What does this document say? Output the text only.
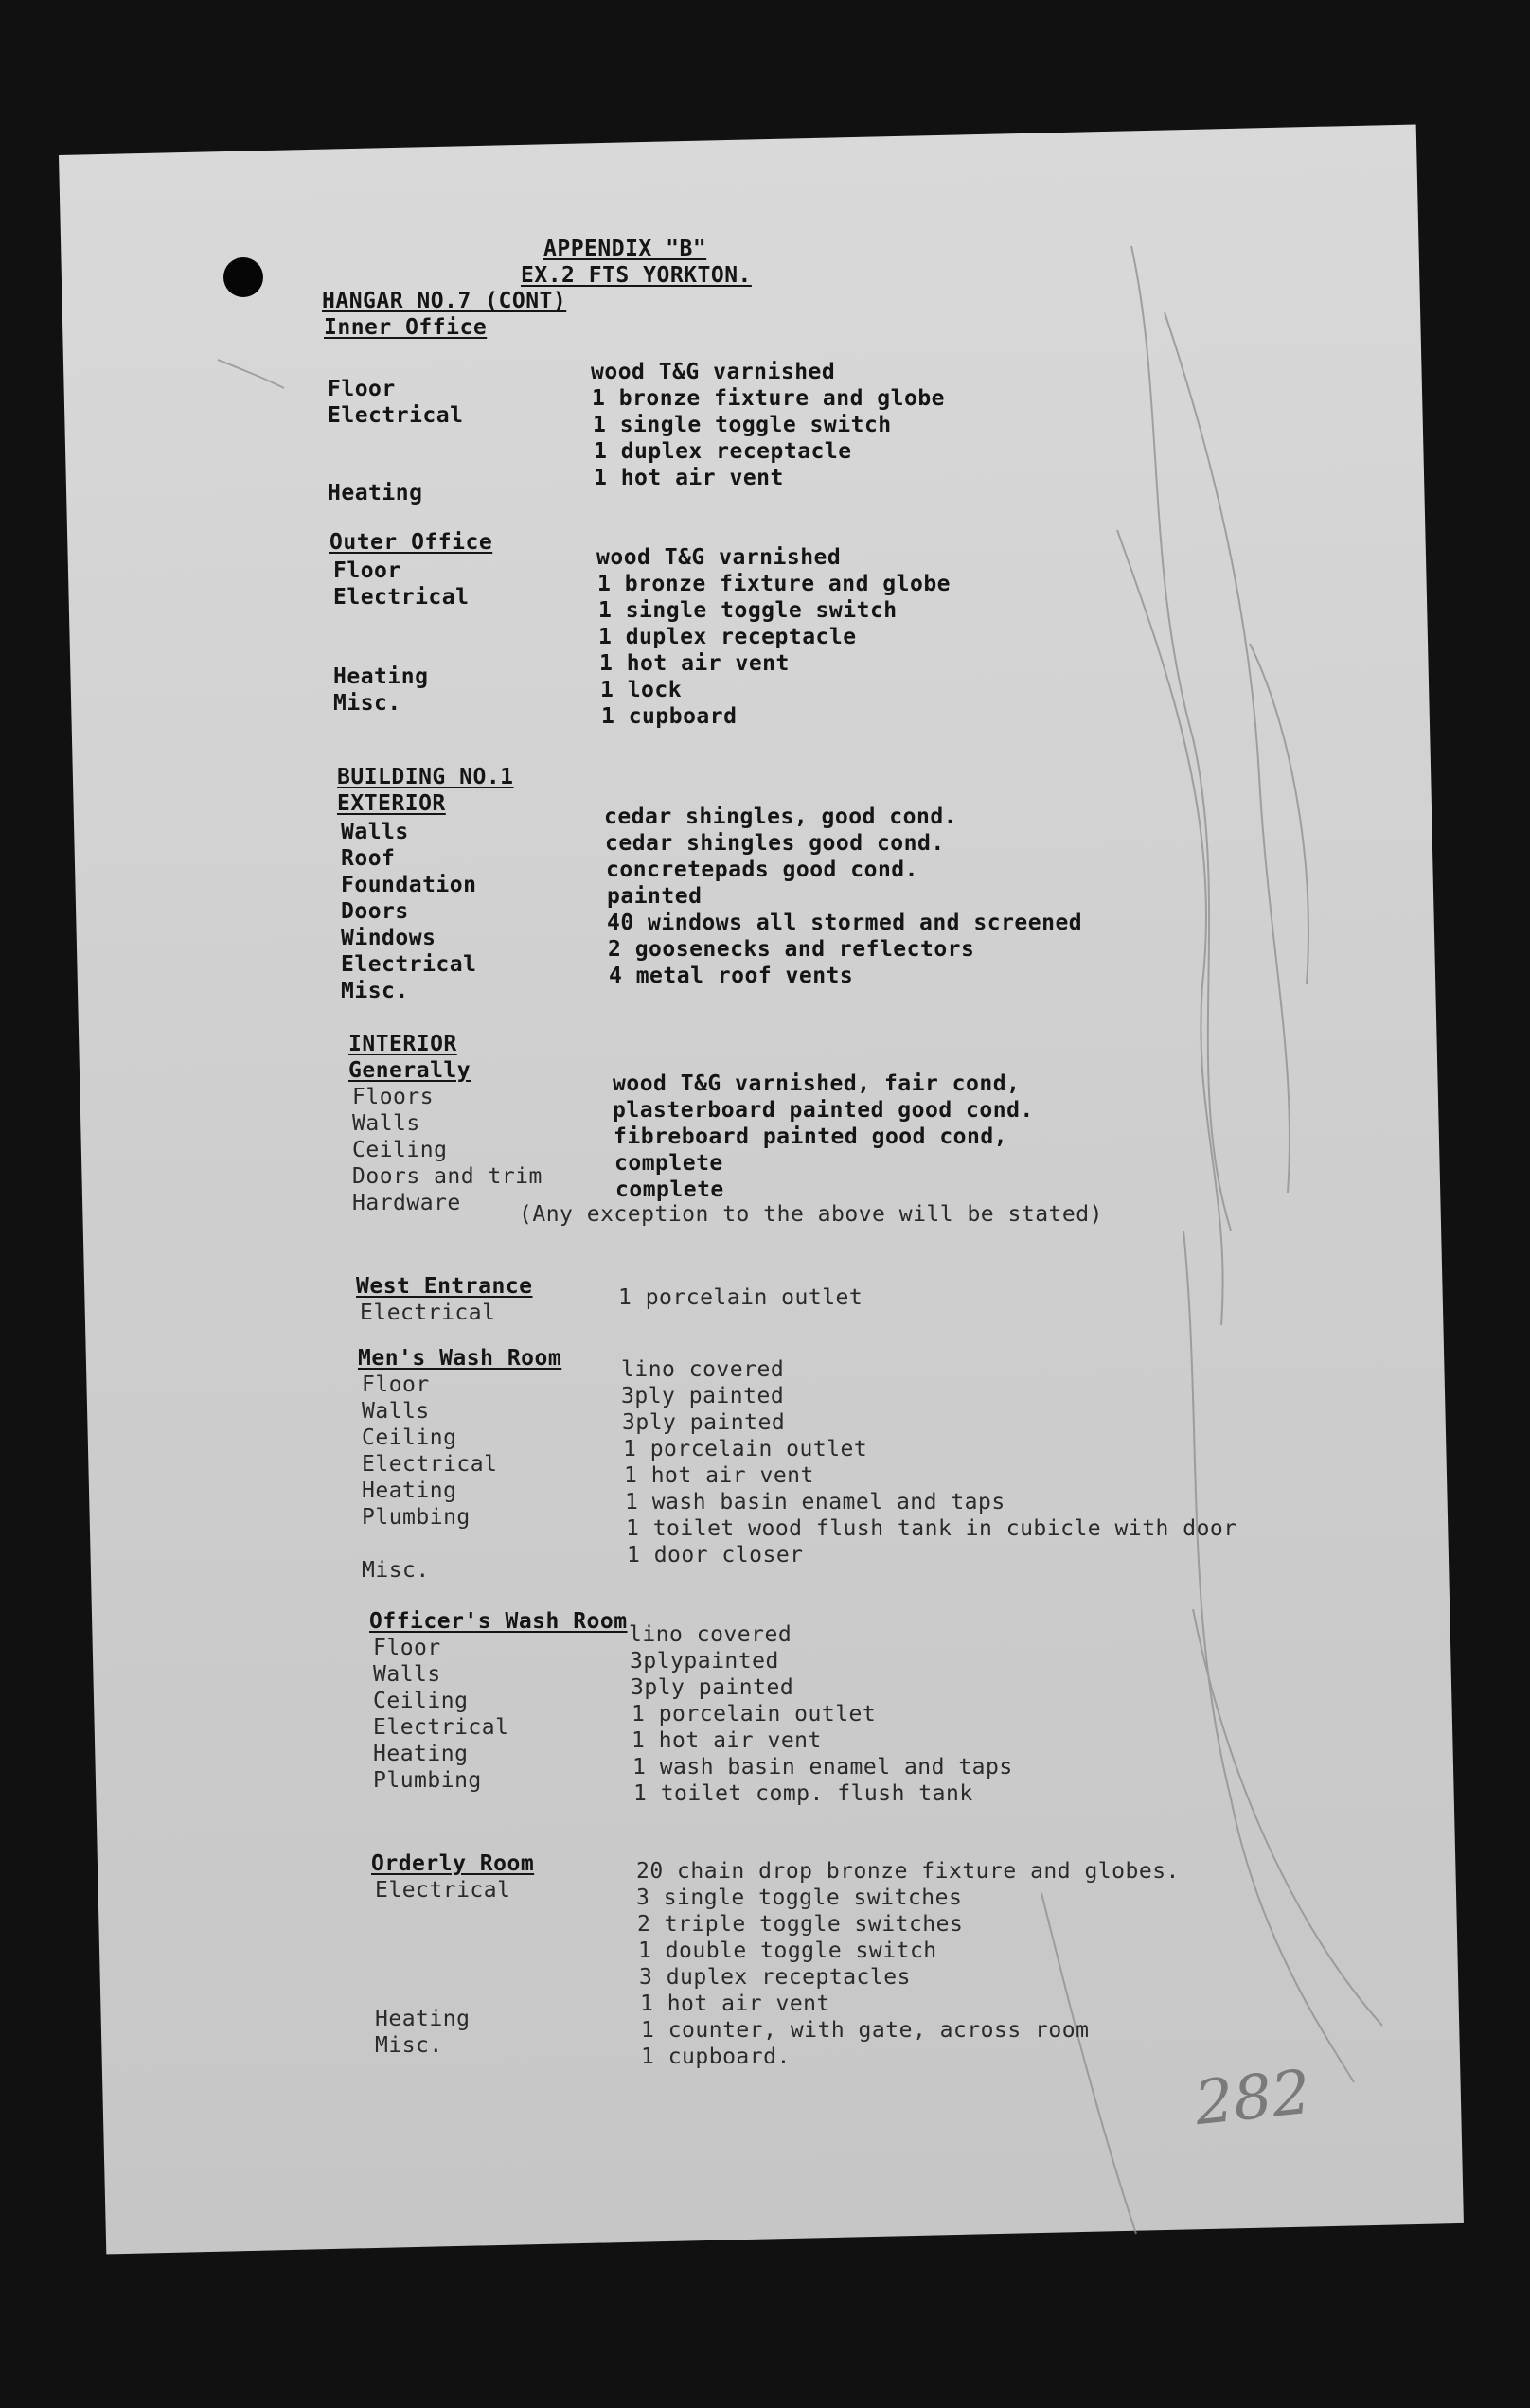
APPENDIX "B"
EX.2 FTS YORKTON.
(Any exception to the above will be stated)
282
HANGAR NO.7 (CONT)
Inner Office
wood T&G varnished
Floor
Electrical
1 bronze fixture and globe
1 single toggle switch
1 duplex receptacle
Heating
1 hot air vent
Outer Office
Floor
wood T&G varnished
Electrical
1 bronze fixture and globe
1 single toggle switch
1 duplex receptacle
Heating
1 hot air vent
Misc.
1 lock
1 cupboard
BUILDING NO.1
EXTERIOR
Walls
cedar shingles, good cond.
Roof
cedar shingles good cond.
Foundation
concretepads good cond.
Doors
painted
Windows
40 windows all stormed and screened
Electrical
2 goosenecks and reflectors
Misc.
4 metal roof vents
INTERIOR
Generally
Floors
wood T&G varnished, fair cond,
Walls
plasterboard painted good cond.
Ceiling
fibreboard painted good cond,
Doors and trim
complete
Hardware
complete
West Entrance
Electrical
1 porcelain outlet
Men's Wash Room
Floor
lino covered
Walls
3ply painted
Ceiling
3ply painted
Electrical
1 porcelain outlet
Heating
1 hot air vent
Plumbing
1 wash basin enamel and taps
1 toilet wood flush tank in cubicle with door
Misc.
1 door closer
Officer's Wash Room
Floor
lino covered
Walls
3plypainted
Ceiling
3ply painted
Electrical
1 porcelain outlet
Heating
1 hot air vent
Plumbing
1 wash basin enamel and taps
1 toilet comp. flush tank
Orderly Room
Electrical
20 chain drop bronze fixture and globes.
3 single toggle switches
2 triple toggle switches
1 double toggle switch
3 duplex receptacles
Heating
1 hot air vent
Misc.
1 counter, with gate, across room
1 cupboard.
